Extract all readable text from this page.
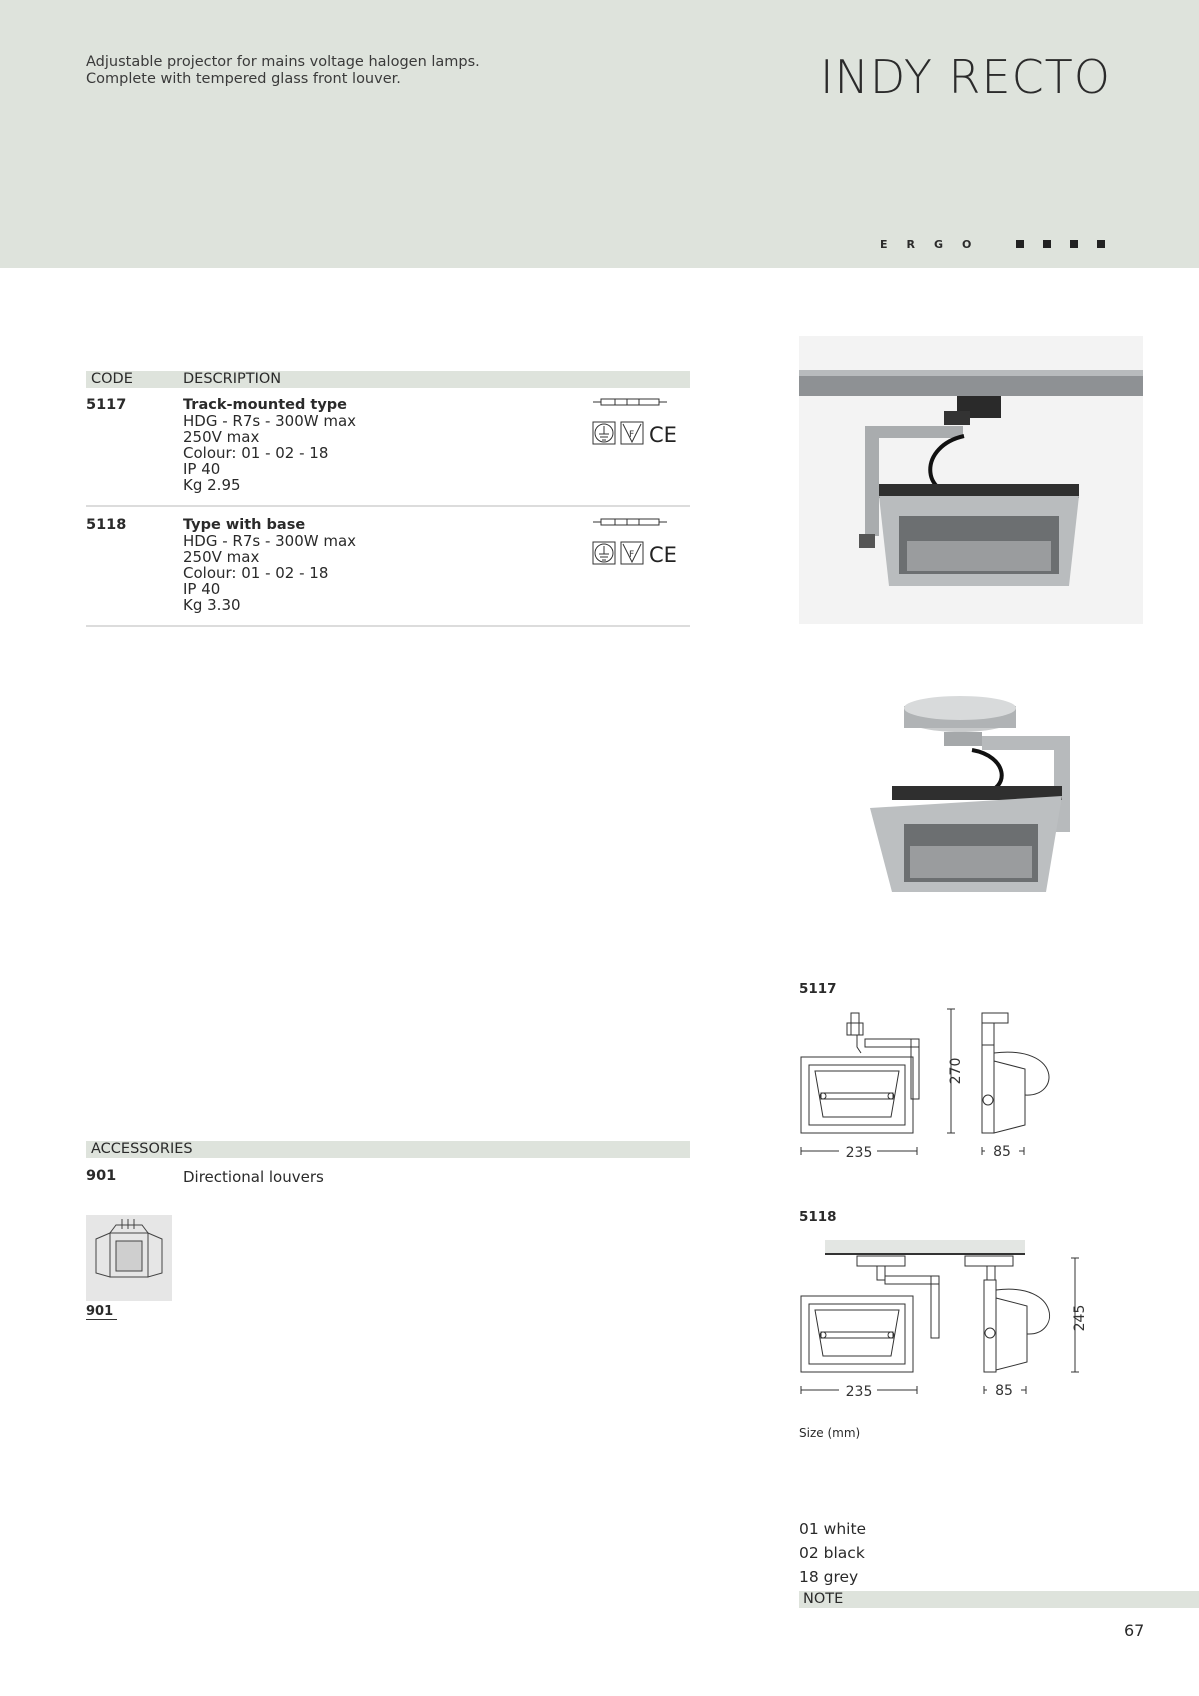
Adjustable projector for mains voltage halogen lamps.
Complete with tempered glass front louver.	INDY RECTO
ERGO
CODE	DESCRIPTION
5117	Track-mounted type
HDG - R7s - 300W max
250V max
Colour: 01 - 02 - 18
IP 40
Kg 2.95
F CE
5118	Type with base
HDG - R7s - 300W max
250V max
Colour: 01 - 02 - 18
IP 40
Kg 3.30
F CE
5117
235	85
270
5118
235	85
245
Size (mm)
ACCESSORIES
901	Directional louvers
901
01 white
02 black
18 grey
NOTE
67
